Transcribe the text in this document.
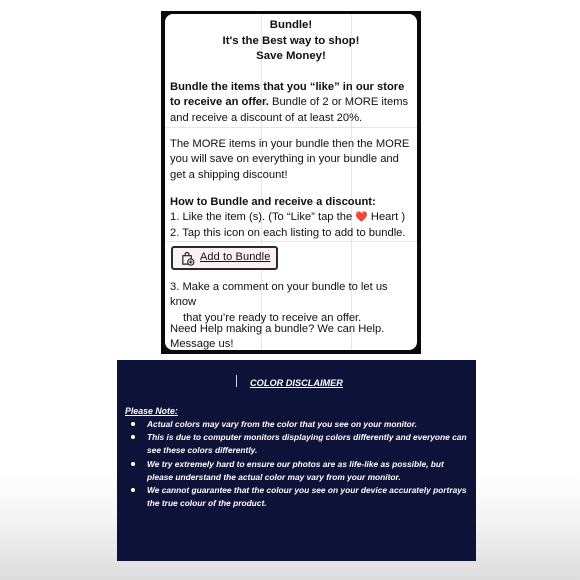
Bundle!
It's the Best way to shop!
Save Money!

Bundle the items that you “like” in our store to receive an offer. Bundle of 2 or MORE items and receive a discount of at least 20%.

The MORE items in your bundle then the MORE you will save on everything in your bundle and get a shipping discount!

How to Bundle and receive a discount:
1. Like the item (s). (To “Like” tap the ❤️ Heart )
2. Tap this icon on each listing to add to bundle.
Add to Bundle
3. Make a comment on your bundle to let us know
that you’re ready to receive an offer.
Need Help making a bundle? We can Help.
Message us!
COLOR DISCLAIMER
Please Note:
Actual colors may vary from the color that you see on your monitor.
This is due to computer monitors displaying colors differently and everyone can see these colors differently.
We try extremely hard to ensure our photos are as life-like as possible, but please understand the actual color may vary from your monitor.
We cannot guarantee that the colour you see on your device accurately portrays the true colour of the product.
